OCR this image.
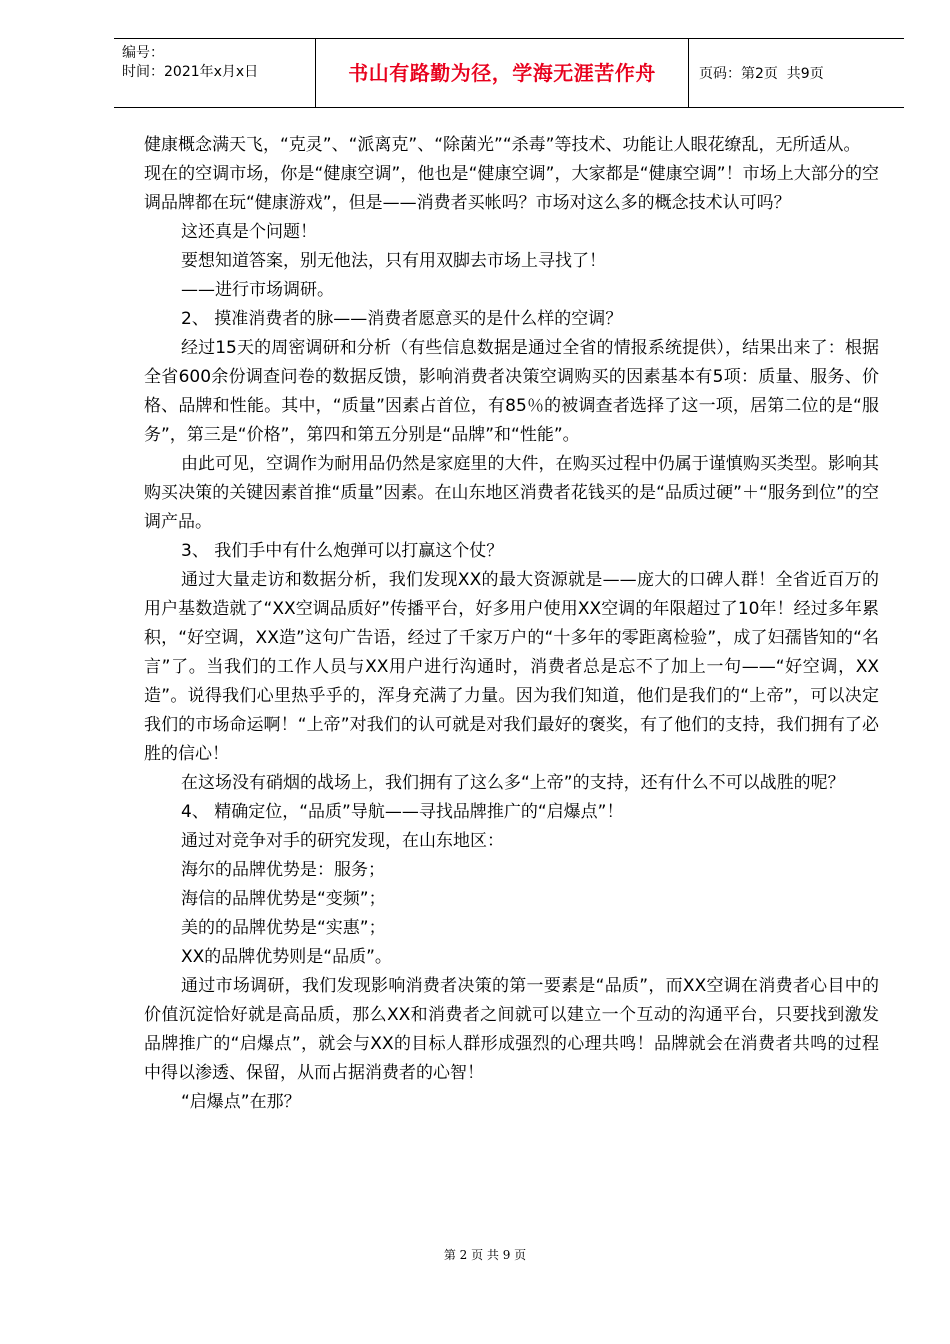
编号：
时间：2021年x月x日	书山有路勤为径，学海无涯苦作舟	页码：第2页  共9页

健康概念满天飞，“克灵”、“派离克”、“除菌光”“杀毒”等技术、功能让人眼花缭乱，无所适从。

现在的空调市场，你是“健康空调”，他也是“健康空调”，大家都是“健康空调”！市场上大部分的空调品牌都在玩“健康游戏”，但是——消费者买帐吗？市场对这么多的概念技术认可吗？

这还真是个问题！

要想知道答案，别无他法，只有用双脚去市场上寻找了！

——进行市场调研。

2、 摸准消费者的脉——消费者愿意买的是什么样的空调？

经过15天的周密调研和分析（有些信息数据是通过全省的情报系统提供），结果出来了：根据全省600余份调查问卷的数据反馈，影响消费者决策空调购买的因素基本有5项：质量、服务、价格、品牌和性能。其中，“质量”因素占首位，有85％的被调查者选择了这一项，居第二位的是“服务”，第三是“价格”，第四和第五分别是“品牌”和“性能”。

由此可见，空调作为耐用品仍然是家庭里的大件，在购买过程中仍属于谨慎购买类型。影响其购买决策的关键因素首推“质量”因素。在山东地区消费者花钱买的是“品质过硬”＋“服务到位”的空调产品。

3、 我们手中有什么炮弹可以打赢这个仗？

通过大量走访和数据分析，我们发现XX的最大资源就是——庞大的口碑人群！全省近百万的用户基数造就了“XX空调品质好”传播平台，好多用户使用XX空调的年限超过了10年！经过多年累积，“好空调，XX造”这句广告语，经过了千家万户的“十多年的零距离检验”，成了妇孺皆知的“名言”了。当我们的工作人员与XX用户进行沟通时，消费者总是忘不了加上一句——“好空调，XX造”。说得我们心里热乎乎的，浑身充满了力量。因为我们知道，他们是我们的“上帝”，可以决定我们的市场命运啊！“上帝”对我们的认可就是对我们最好的褒奖，有了他们的支持，我们拥有了必胜的信心！

在这场没有硝烟的战场上，我们拥有了这么多“上帝”的支持，还有什么不可以战胜的呢？

4、 精确定位，“品质”导航——寻找品牌推广的“启爆点”！

通过对竞争对手的研究发现，在山东地区：

海尔的品牌优势是：服务；

海信的品牌优势是“变频”；

美的的品牌优势是“实惠”；

XX的品牌优势则是“品质”。

通过市场调研，我们发现影响消费者决策的第一要素是“品质”，而XX空调在消费者心目中的价值沉淀恰好就是高品质，那么XX和消费者之间就可以建立一个互动的沟通平台，只要找到激发品牌推广的“启爆点”，就会与XX的目标人群形成强烈的心理共鸣！品牌就会在消费者共鸣的过程中得以渗透、保留，从而占据消费者的心智！

“启爆点”在那？

第 2 页 共 9 页
